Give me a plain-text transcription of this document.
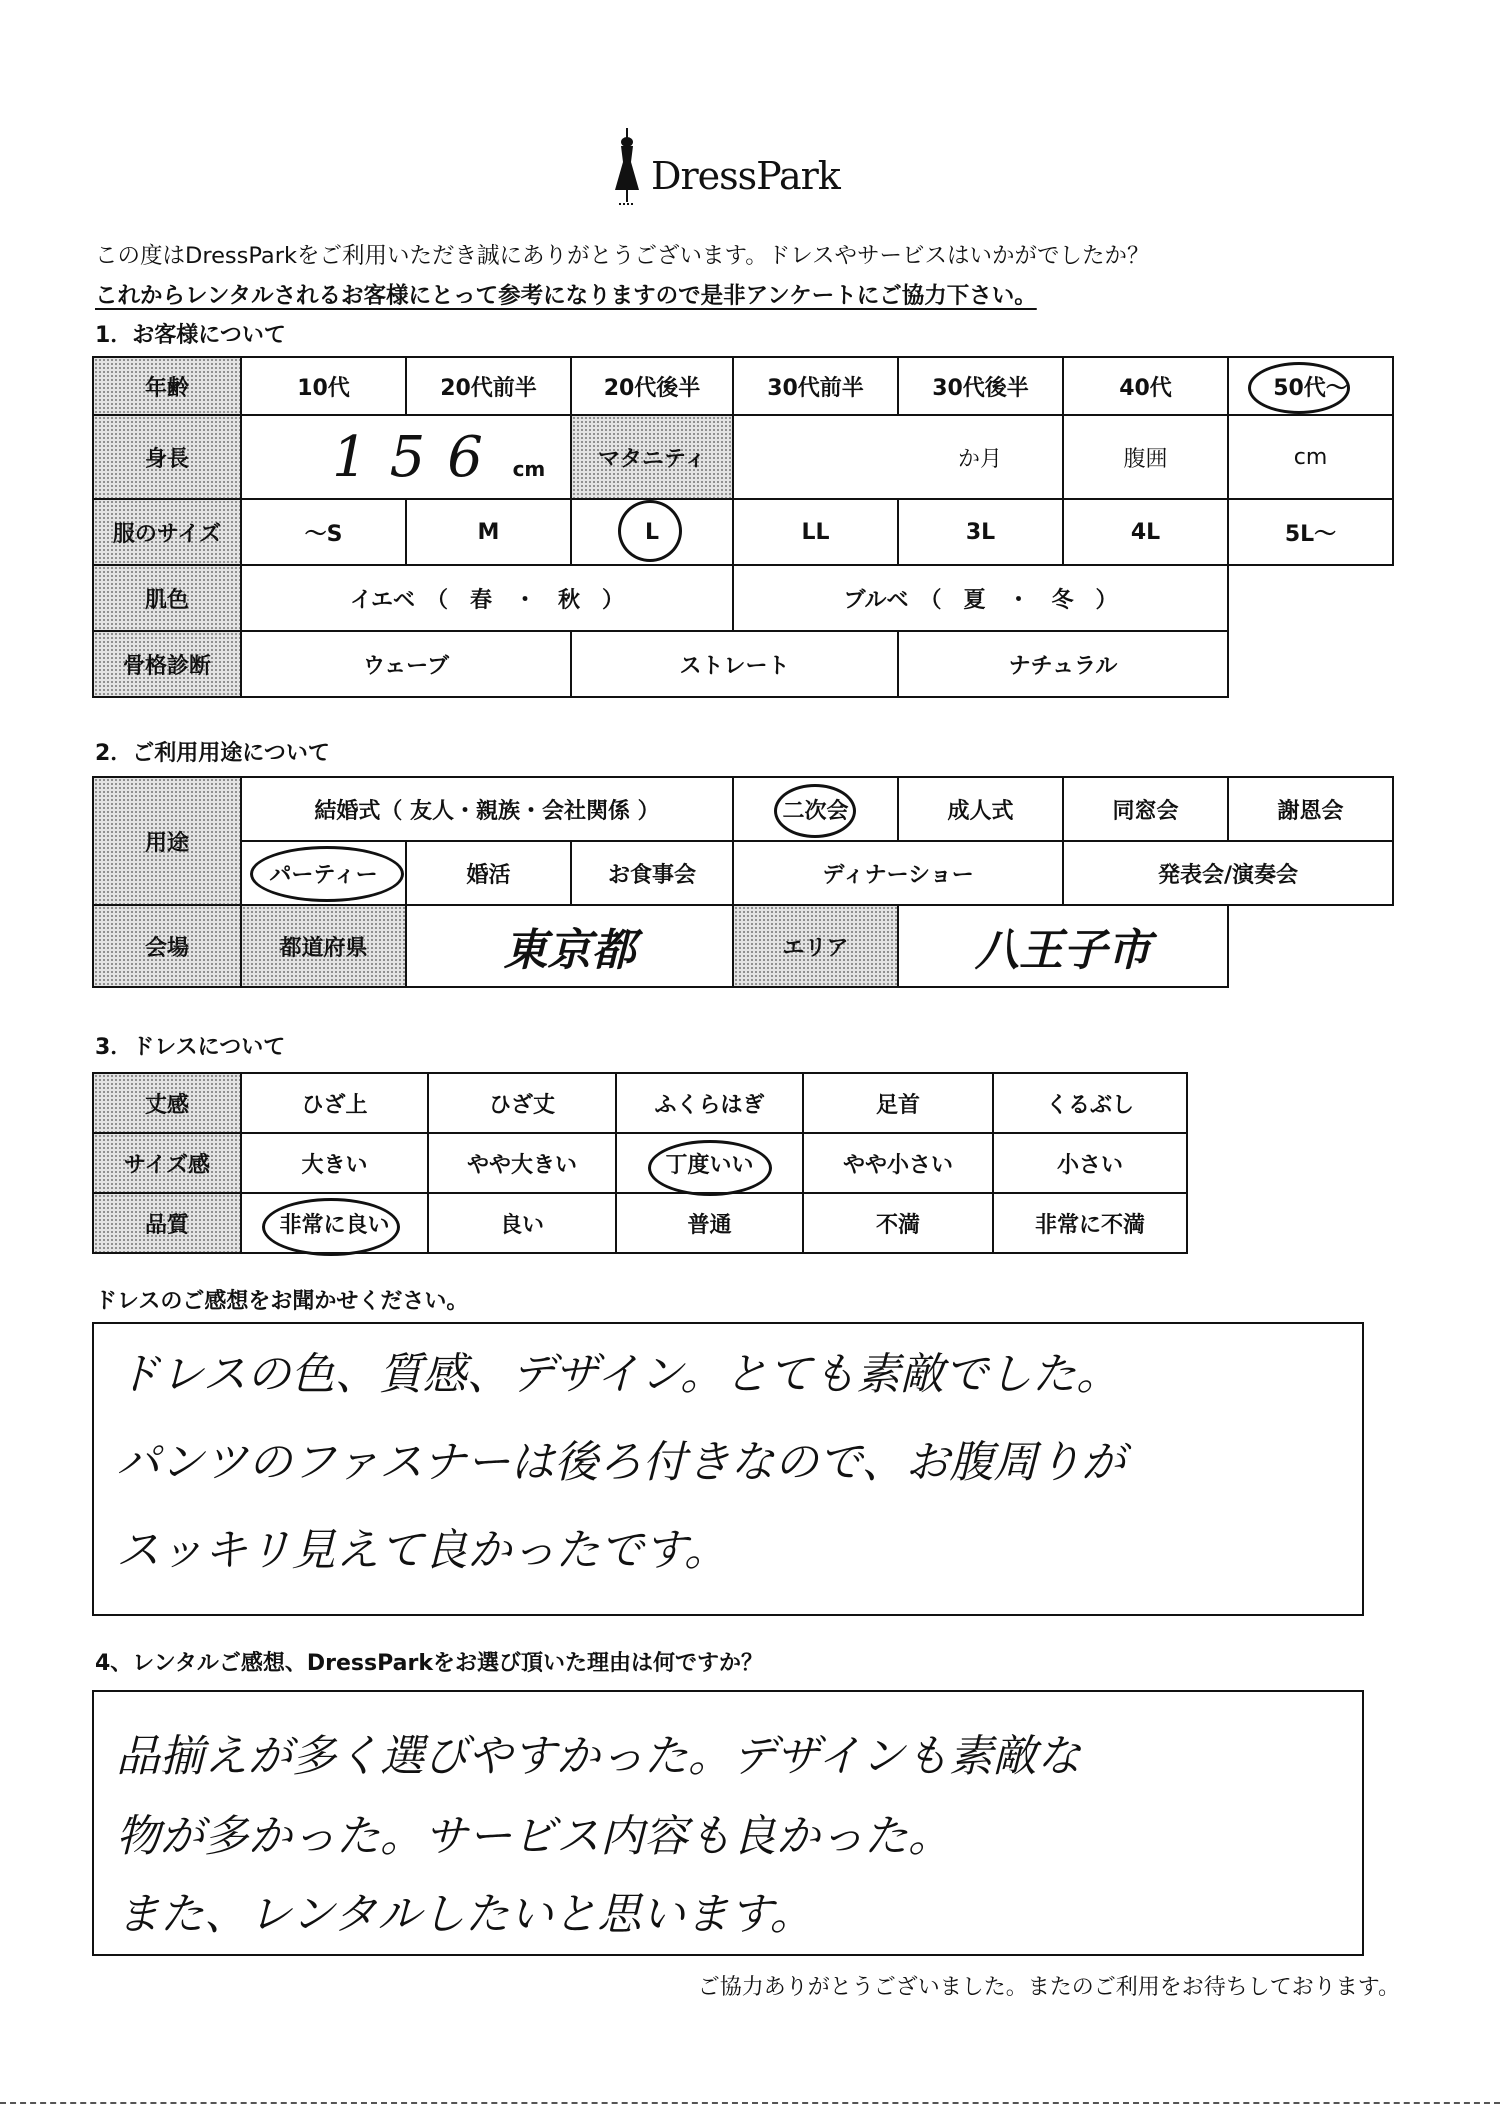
DressPark
この度はDressParkをご利用いただき誠にありがとうございます。ドレスやサービスはいかがでしたか？
これからレンタルされるお客様にとって参考になりますので是非アンケートにご協力下さい。
1．お客様について
年齢	10代	20代前半	20代後半	30代前半	30代後半	40代	50代～
身長	156 cm		マタニティ	か月		腹囲	cm
服のサイズ	～S	M	L	LL	3L	4L	5L～
肌色	イエベ　（　春　・　秋　）			ブルベ　（　夏　・　冬　）			
骨格診断	ウェーブ		ストレート		ナチュラル		
2．ご利用用途について
用途	結婚式（ 友人・親族・会社関係 ）			二次会	成人式	同窓会	謝恩会
	パーティー	婚活	お食事会	ディナーショー		発表会/演奏会	
会場	都道府県	東京都		エリア	八王子市		
3．ドレスについて
丈感	ひざ上	ひざ丈	ふくらはぎ	足首	くるぶし
サイズ感	大きい	やや大きい	丁度いい	やや小さい	小さい
品質	非常に良い	良い	普通	不満	非常に不満
ドレスのご感想をお聞かせください。
ドレスの色、質感、デザイン。とても素敵でした。
パンツのファスナーは後ろ付きなので、お腹周りが
スッキリ見えて良かったです。
4、レンタルご感想、DressParkをお選び頂いた理由は何ですか？
品揃えが多く選びやすかった。デザインも素敵な
物が多かった。サービス内容も良かった。
また、レンタルしたいと思います。
ご協力ありがとうございました。またのご利用をお待ちしております。
